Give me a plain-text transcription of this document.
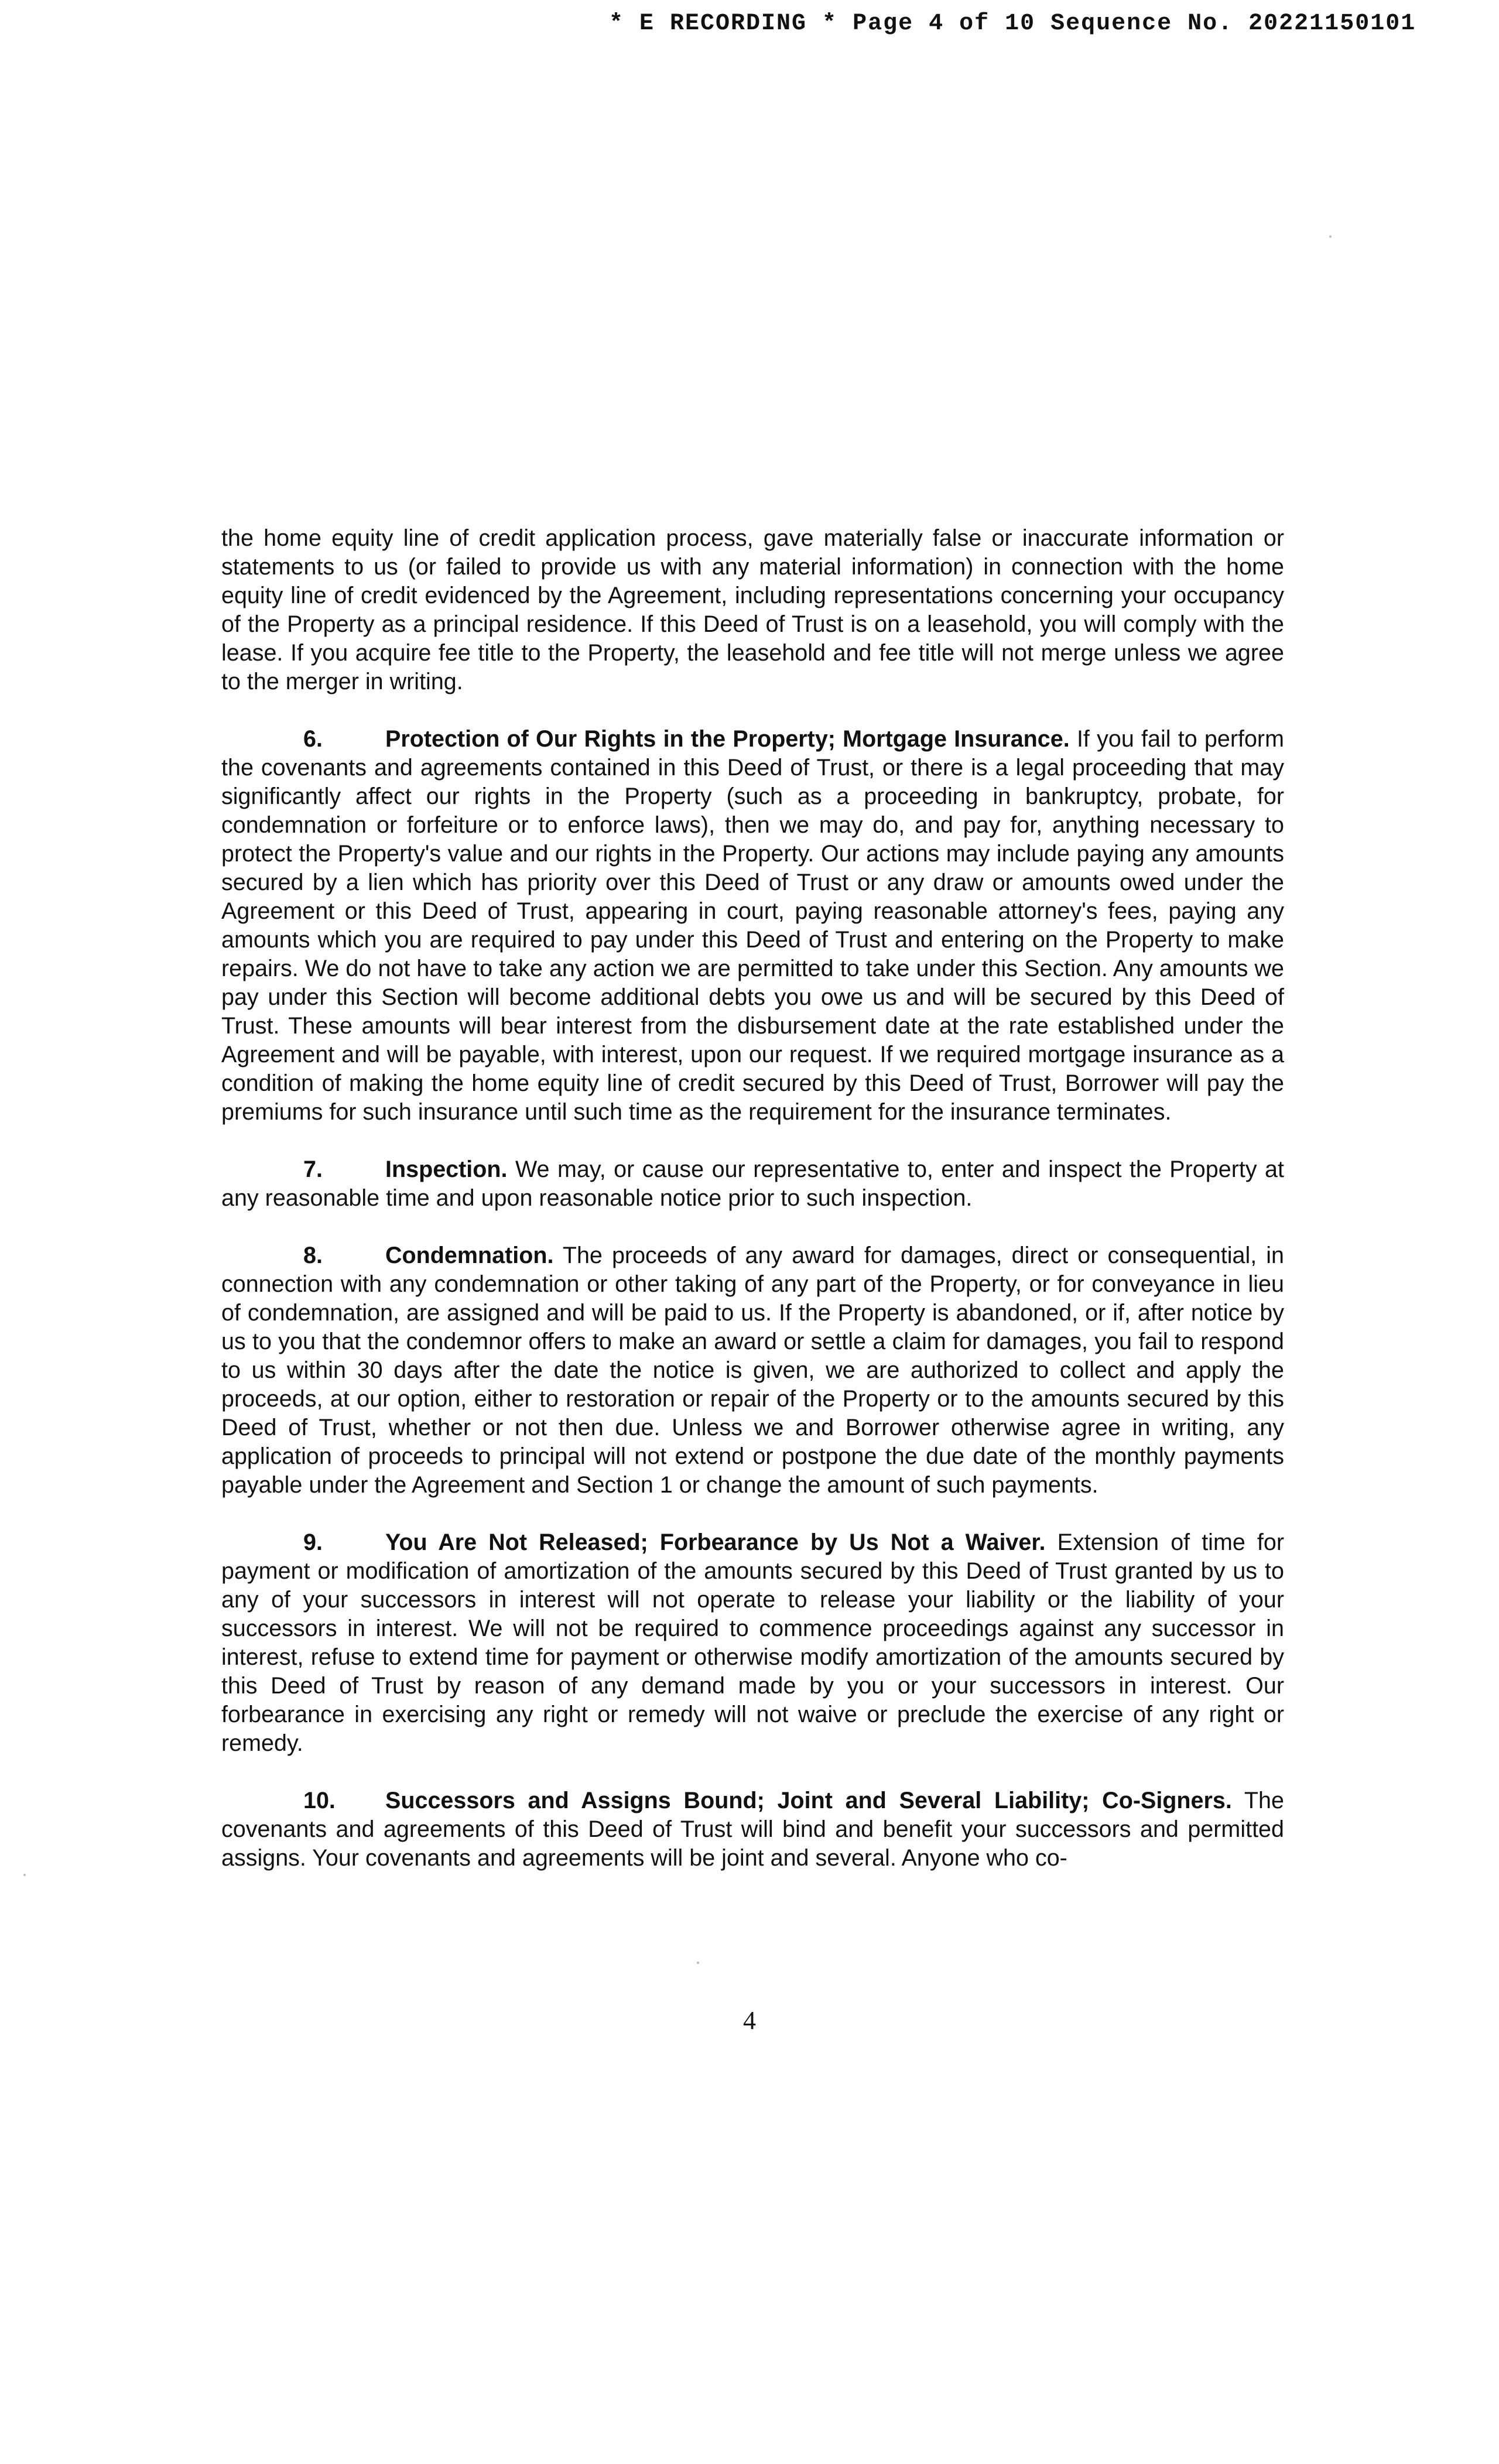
* E RECORDING * Page 4 of 10 Sequence No. 20221150101

the home equity line of credit application process, gave materially false or inaccurate information or statements to us (or failed to provide us with any material information) in connection with the home equity line of credit evidenced by the Agreement, including representations concerning your occupancy of the Property as a principal residence. If this Deed of Trust is on a leasehold, you will comply with the lease. If you acquire fee title to the Property, the leasehold and fee title will not merge unless we agree to the merger in writing.

6.	Protection of Our Rights in the Property; Mortgage Insurance. If you fail to perform the covenants and agreements contained in this Deed of Trust, or there is a legal proceeding that may significantly affect our rights in the Property (such as a proceeding in bankruptcy, probate, for condemnation or forfeiture or to enforce laws), then we may do, and pay for, anything necessary to protect the Property's value and our rights in the Property. Our actions may include paying any amounts secured by a lien which has priority over this Deed of Trust or any draw or amounts owed under the Agreement or this Deed of Trust, appearing in court, paying reasonable attorney's fees, paying any amounts which you are required to pay under this Deed of Trust and entering on the Property to make repairs. We do not have to take any action we are permitted to take under this Section. Any amounts we pay under this Section will become additional debts you owe us and will be secured by this Deed of Trust. These amounts will bear interest from the disbursement date at the rate established under the Agreement and will be payable, with interest, upon our request. If we required mortgage insurance as a condition of making the home equity line of credit secured by this Deed of Trust, Borrower will pay the premiums for such insurance until such time as the requirement for the insurance terminates.

7.	Inspection. We may, or cause our representative to, enter and inspect the Property at any reasonable time and upon reasonable notice prior to such inspection.

8.	Condemnation. The proceeds of any award for damages, direct or consequential, in connection with any condemnation or other taking of any part of the Property, or for conveyance in lieu of condemnation, are assigned and will be paid to us. If the Property is abandoned, or if, after notice by us to you that the condemnor offers to make an award or settle a claim for damages, you fail to respond to us within 30 days after the date the notice is given, we are authorized to collect and apply the proceeds, at our option, either to restoration or repair of the Property or to the amounts secured by this Deed of Trust, whether or not then due. Unless we and Borrower otherwise agree in writing, any application of proceeds to principal will not extend or postpone the due date of the monthly payments payable under the Agreement and Section 1 or change the amount of such payments.

9.	You Are Not Released; Forbearance by Us Not a Waiver. Extension of time for payment or modification of amortization of the amounts secured by this Deed of Trust granted by us to any of your successors in interest will not operate to release your liability or the liability of your successors in interest. We will not be required to commence proceedings against any successor in interest, refuse to extend time for payment or otherwise modify amortization of the amounts secured by this Deed of Trust by reason of any demand made by you or your successors in interest. Our forbearance in exercising any right or remedy will not waive or preclude the exercise of any right or remedy.

10. Successors and Assigns Bound; Joint and Several Liability; Co-Signers. The covenants and agreements of this Deed of Trust will bind and benefit your successors and permitted assigns. Your covenants and agreements will be joint and several. Anyone who co-

4
